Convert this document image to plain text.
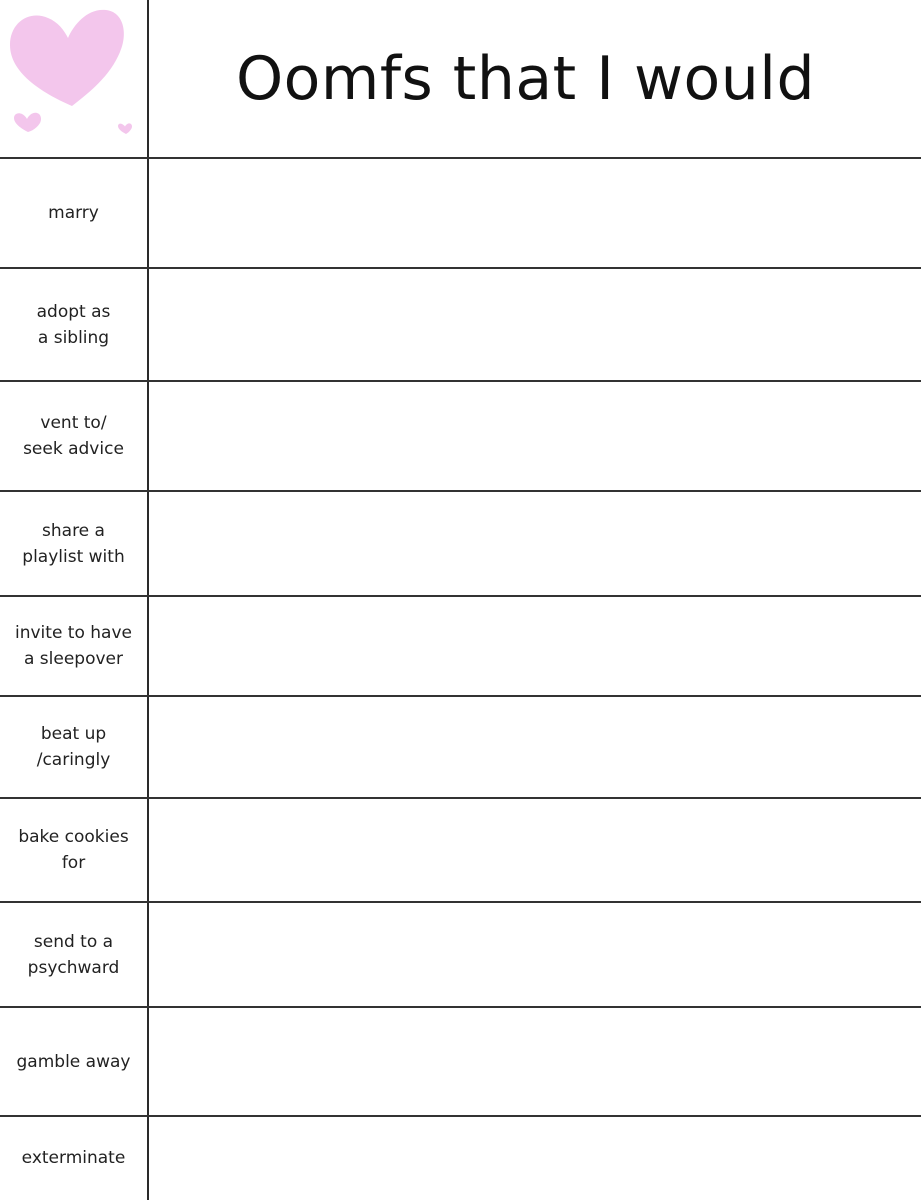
Oomfs that I would
marry
adopt as
a sibling
vent to/
seek advice
share a
playlist with
invite to have
a sleepover
beat up
/caringly
bake cookies
for
send to a
psychward
gamble away
exterminate
